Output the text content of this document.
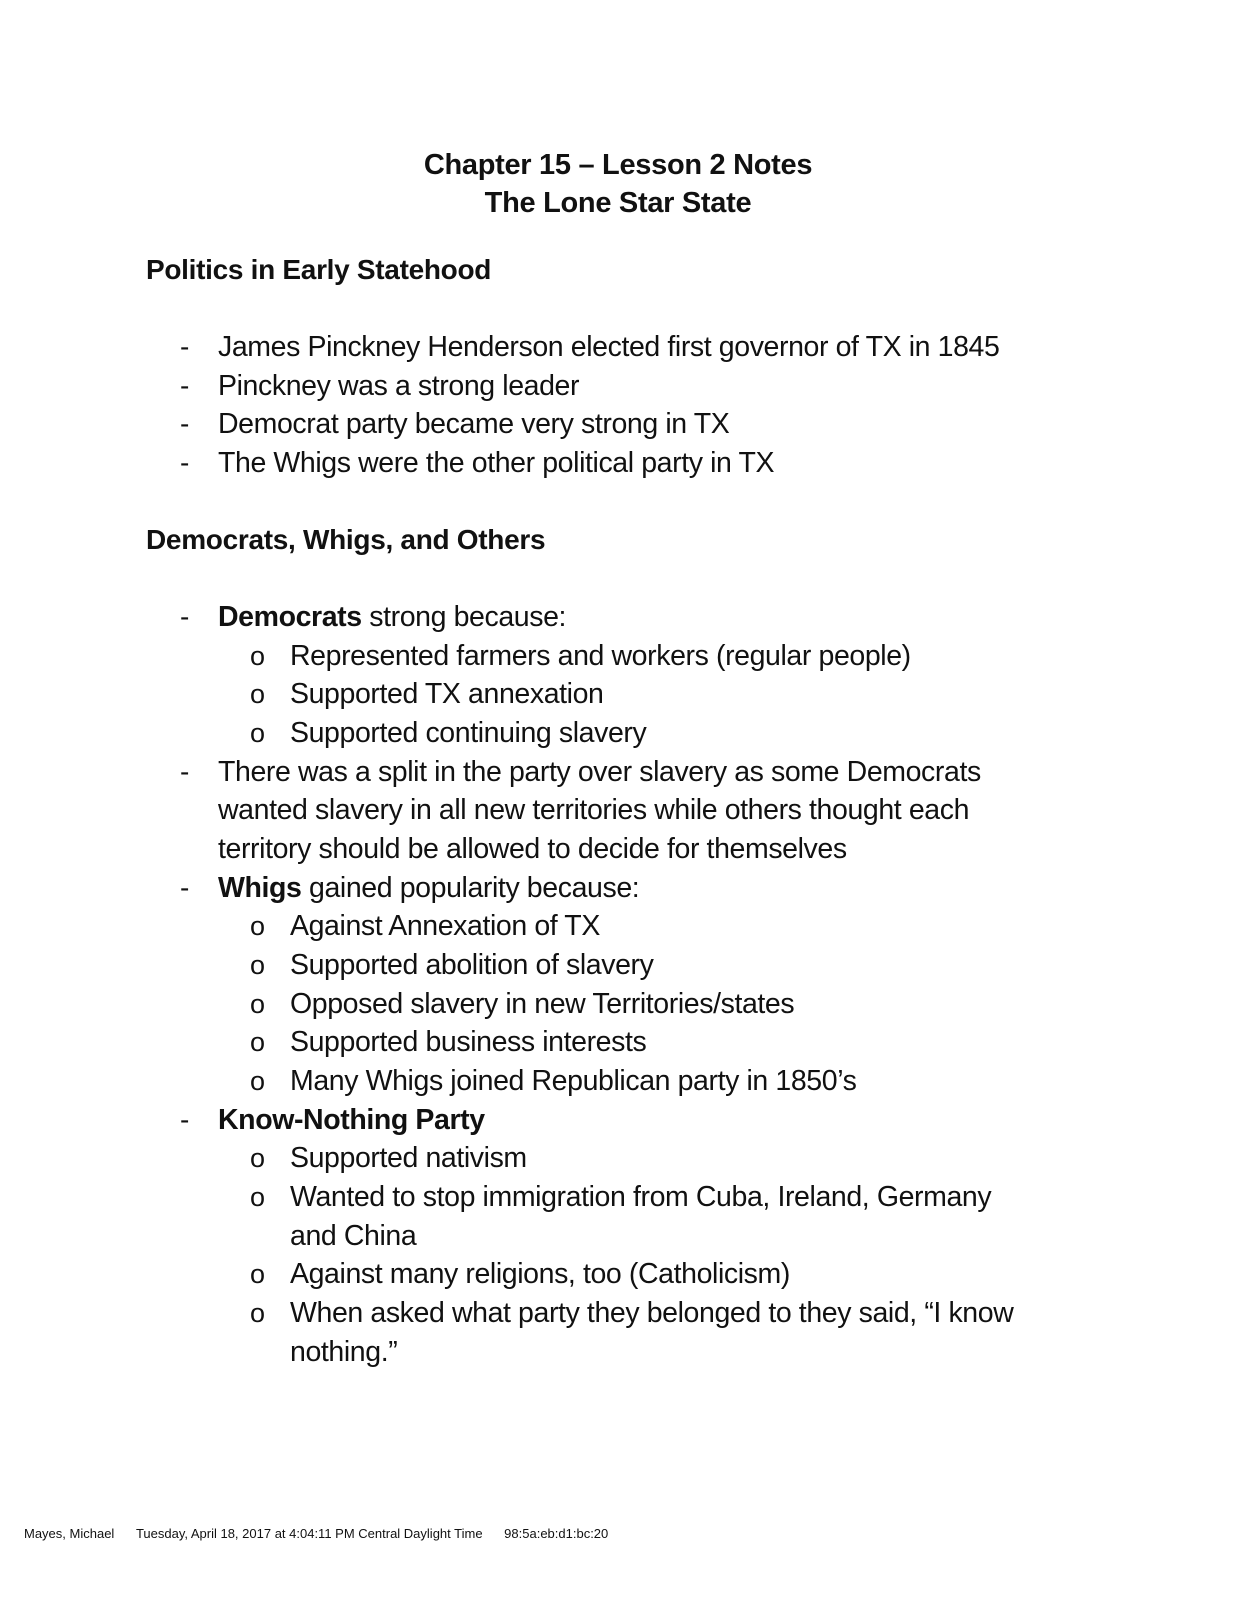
Chapter 15 – Lesson 2 Notes
The Lone Star State
Politics in Early Statehood
- James Pinckney Henderson elected first governor of TX in 1845
- Pinckney was a strong leader
- Democrat party became very strong in TX
- The Whigs were the other political party in TX
Democrats, Whigs, and Others
- Democrats strong because:
o Represented farmers and workers (regular people)
o Supported TX annexation
o Supported continuing slavery
- There was a split in the party over slavery as some Democrats
wanted slavery in all new territories while others thought each
territory should be allowed to decide for themselves
- Whigs gained popularity because:
o Against Annexation of TX
o Supported abolition of slavery
o Opposed slavery in new Territories/states
o Supported business interests
o Many Whigs joined Republican party in 1850’s
- Know-Nothing Party
o Supported nativism
o Wanted to stop immigration from Cuba, Ireland, Germany
and China
o Against many religions, too (Catholicism)
o When asked what party they belonged to they said, “I know
nothing.”
Mayes, Michael Tuesday, April 18, 2017 at 4:04:11 PM Central Daylight Time 98:5a:eb:d1:bc:20
